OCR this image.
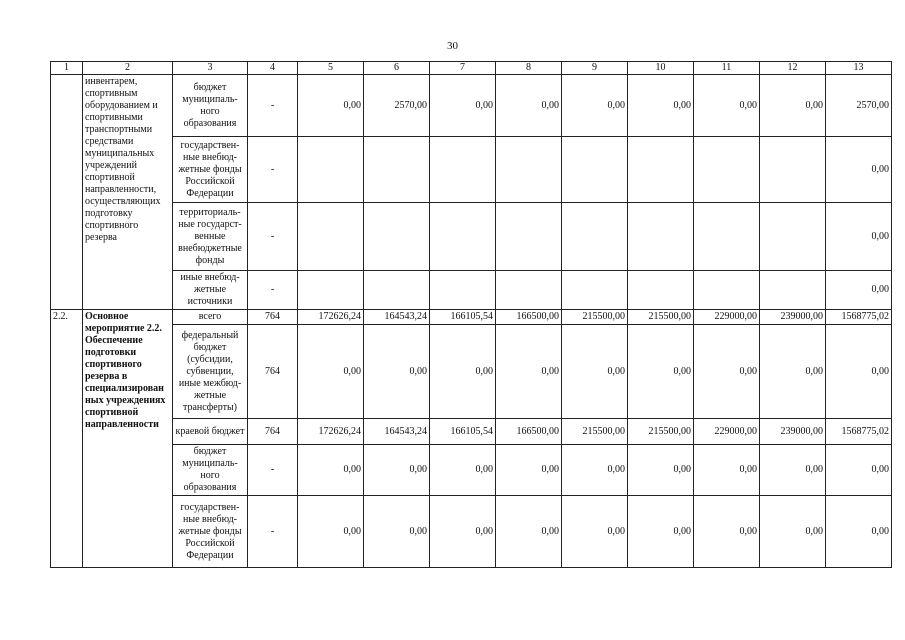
30
1	2	3	4	5	6	7	8	9	10	11	12	13
	инвентарем, спортивным оборудованием и спортивными транспортными средствами муниципальных учреждений спортивной направленности, осуществляющих подготовку спортивного резерва	бюджет муниципаль- ного образования	-	0,00	2570,00	0,00	0,00	0,00	0,00	0,00	0,00	2570,00
		государствен- ные внебюд- жетные фонды Российской Федерации	-									0,00
		территориаль- ные государст- венные внебюджетные фонды	-									0,00
		иные внебюд- жетные источники	-									0,00
2.2.	Основное мероприятие 2.2. Обеспечение подготовки спортивного резерва в специализирован ных учреждениях спортивной направленности	всего	764	172626,24	164543,24	166105,54	166500,00	215500,00	215500,00	229000,00	239000,00	1568775,02
		федеральный бюджет (субсидии, субвенции, иные межбюд- жетные трансферты)	764	0,00	0,00	0,00	0,00	0,00	0,00	0,00	0,00	0,00
		краевой бюджет	764	172626,24	164543,24	166105,54	166500,00	215500,00	215500,00	229000,00	239000,00	1568775,02
		бюджет муниципаль- ного образования	-	0,00	0,00	0,00	0,00	0,00	0,00	0,00	0,00	0,00
		государствен- ные внебюд- жетные фонды Российской Федерации	-	0,00	0,00	0,00	0,00	0,00	0,00	0,00	0,00	0,00
